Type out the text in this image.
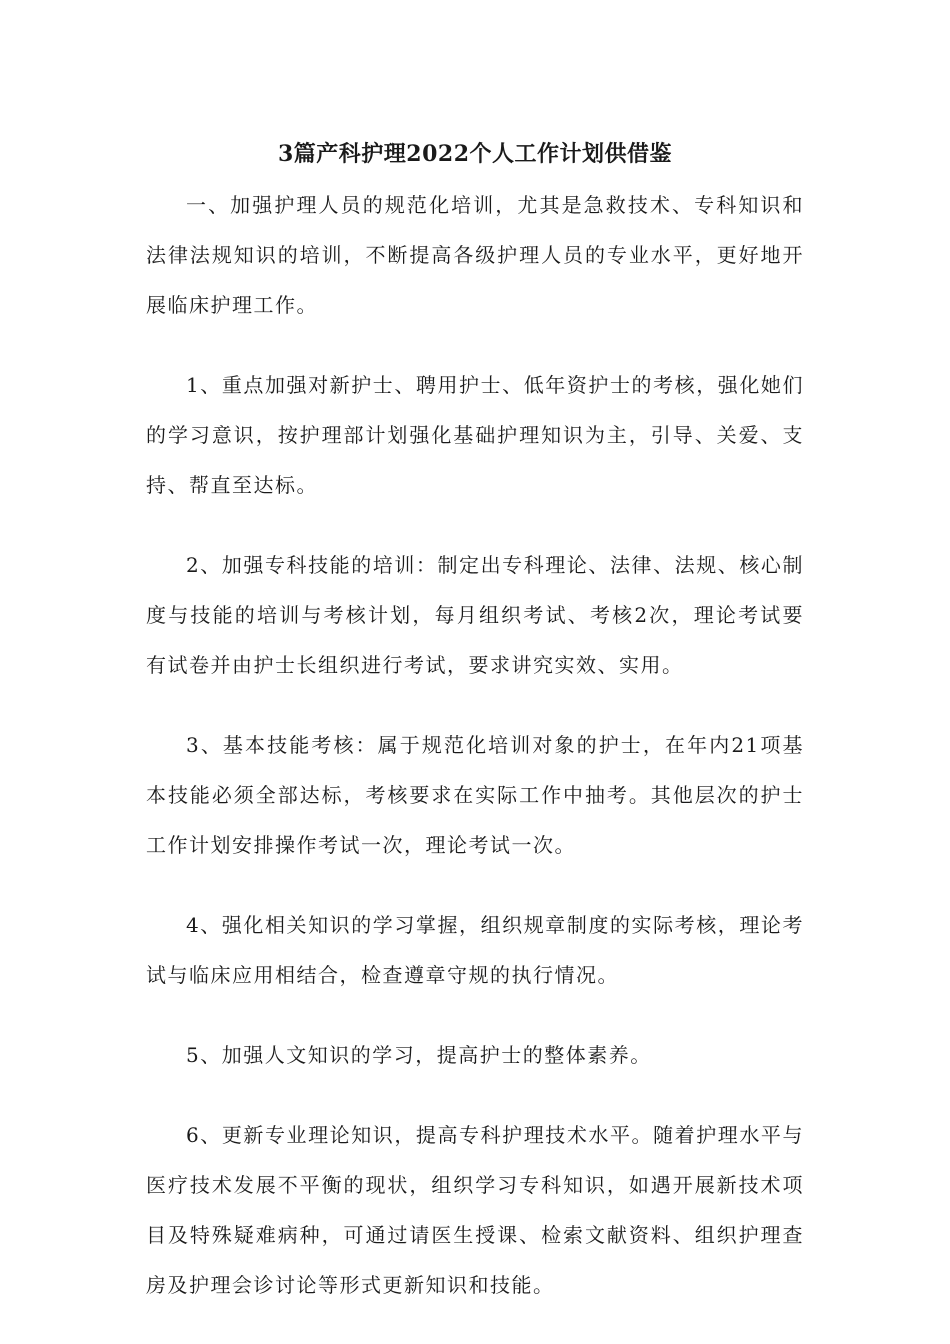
3篇产科护理2022个人工作计划供借鉴

一、加强护理人员的规范化培训，尤其是急救技术、专科知识和法律法规知识的培训，不断提高各级护理人员的专业水平，更好地开展临床护理工作。

1、重点加强对新护士、聘用护士、低年资护士的考核，强化她们的学习意识，按护理部计划强化基础护理知识为主，引导、关爱、支持、帮直至达标。

2、加强专科技能的培训：制定出专科理论、法律、法规、核心制度与技能的培训与考核计划，每月组织考试、考核2次，理论考试要有试卷并由护士长组织进行考试，要求讲究实效、实用。

3、基本技能考核：属于规范化培训对象的护士，在年内21项基本技能必须全部达标，考核要求在实际工作中抽考。其他层次的护士工作计划安排操作考试一次，理论考试一次。

4、强化相关知识的学习掌握，组织规章制度的实际考核，理论考试与临床应用相结合，检查遵章守规的执行情况。

5、加强人文知识的学习，提高护士的整体素养。

6、更新专业理论知识，提高专科护理技术水平。随着护理水平与医疗技术发展不平衡的现状，组织学习专科知识，如遇开展新技术项目及特殊疑难病种，可通过请医生授课、检索文献资料、组织护理查房及护理会诊讨论等形式更新知识和技能。
